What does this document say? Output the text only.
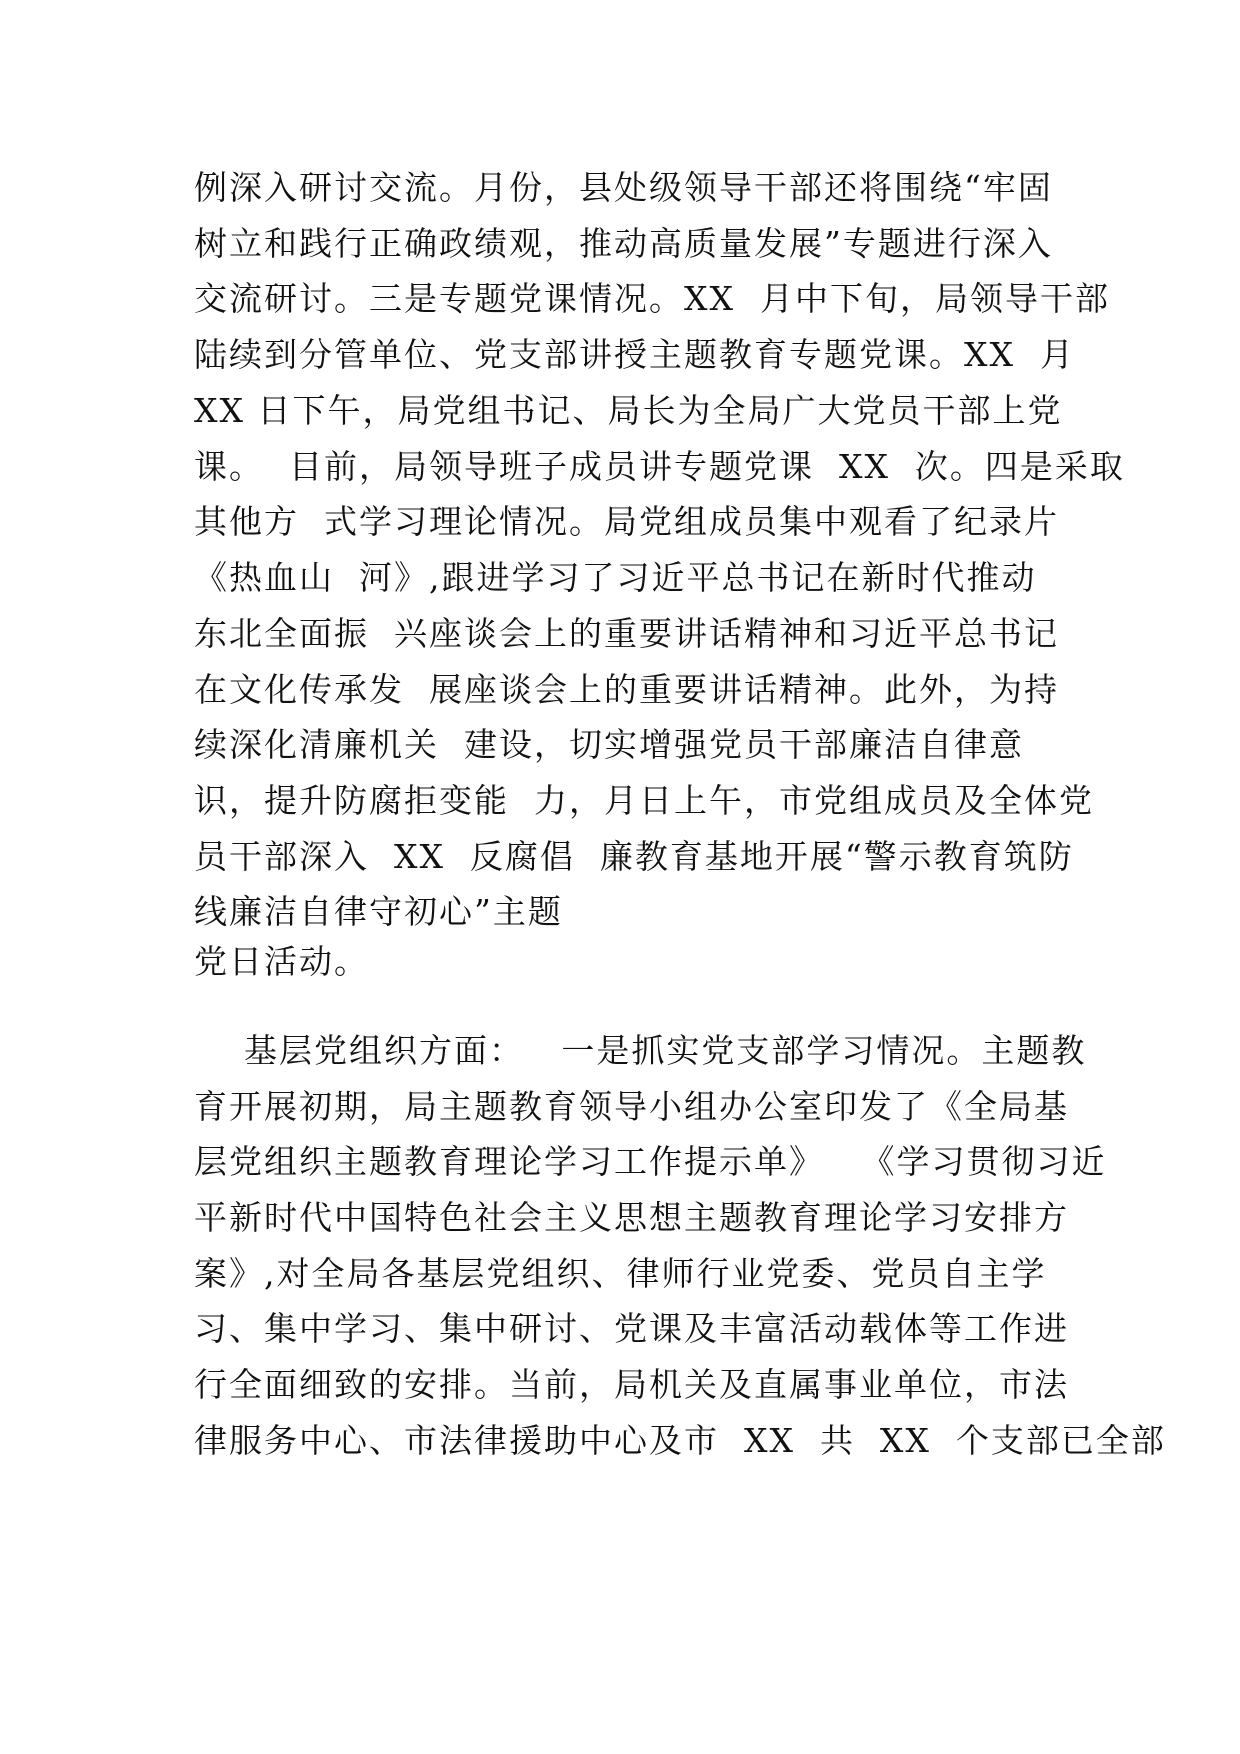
例深入研讨交流。月份，县处级领导干部还将围绕“牢固
树立和践行正确政绩观，推动高质量发展”专题进行深入
交流研讨。三是专题党课情况。XX  月中下旬，局领导干部
陆续到分管单位、党支部讲授主题教育专题党课。XX  月
XX 日下午，局党组书记、局长为全局广大党员干部上党
课。  目前，局领导班子成员讲专题党课  XX  次。四是采取
其他方  式学习理论情况。局党组成员集中观看了纪录片
《热血山  河》,跟进学习了习近平总书记在新时代推动
东北全面振  兴座谈会上的重要讲话精神和习近平总书记
在文化传承发  展座谈会上的重要讲话精神。此外，为持
续深化清廉机关  建设，切实增强党员干部廉洁自律意
识，提升防腐拒变能  力，月日上午，市党组成员及全体党
员干部深入  XX  反腐倡  廉教育基地开展“警示教育筑防
线廉洁自律守初心”主题
党日活动。
基层党组织方面：   一是抓实党支部学习情况。主题教
育开展初期，局主题教育领导小组办公室印发了《全局基
层党组织主题教育理论学习工作提示单》   《学习贯彻习近
平新时代中国特色社会主义思想主题教育理论学习安排方
案》,对全局各基层党组织、律师行业党委、党员自主学
习、集中学习、集中研讨、党课及丰富活动载体等工作进
行全面细致的安排。当前，局机关及直属事业单位，市法
律服务中心、市法律援助中心及市  XX  共  XX  个支部已全部
